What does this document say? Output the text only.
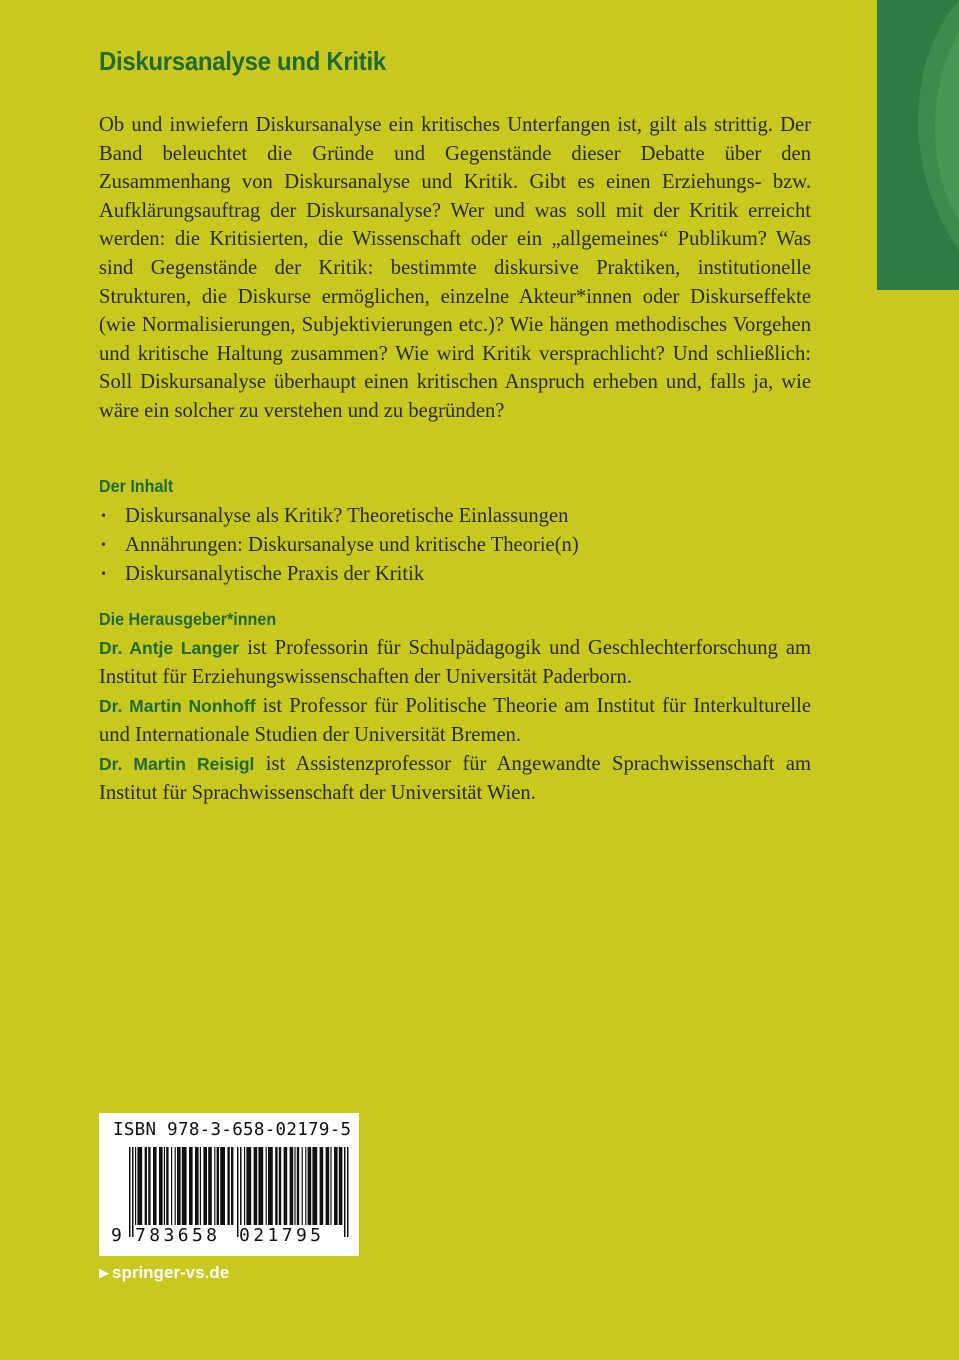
Diskursanalyse und Kritik

Ob und inwiefern Diskursanalyse ein kritisches Unterfangen ist, gilt als strittig. Der Band beleuchtet die Gründe und Gegenstände dieser Debatte über den Zusammenhang von Diskursanalyse und Kritik. Gibt es einen Erziehungs- bzw. Aufklärungsauftrag der Diskursanalyse? Wer und was soll mit der Kritik erreicht werden: die Kritisierten, die Wissenschaft oder ein „allgemeines“ Publikum? Was sind Gegenstände der Kritik: bestimmte diskursive Praktiken, institutionelle Strukturen, die Diskurse ermöglichen, einzelne Akteur*innen oder Diskurseffekte (wie Normalisierungen, Subjektivierungen etc.)? Wie hängen methodisches Vorgehen und kritische Haltung zusammen? Wie wird Kritik versprachlicht? Und schließlich: Soll Diskursanalyse überhaupt einen kritischen Anspruch erheben und, falls ja, wie wäre ein solcher zu verstehen und zu begründen?

Der Inhalt
• Diskursanalyse als Kritik? Theoretische Einlassungen
• Annährungen: Diskursanalyse und kritische Theorie(n)
• Diskursanalytische Praxis der Kritik
Die Herausgeber*innen

Dr. Antje Langer ist Professorin für Schulpädagogik und Geschlechterforschung am Institut für Erziehungswissenschaften der Universität Paderborn.

Dr. Martin Nonhoff ist Professor für Politische Theorie am Institut für Interkulturelle und Internationale Studien der Universität Bremen.

Dr. Martin Reisigl ist Assistenzprofessor für Angewandte Sprachwissenschaft am Institut für Sprachwissenschaft der Universität Wien.

ISBN 978-3-658-02179-5
9 783658 021795
▶ springer-vs.de
